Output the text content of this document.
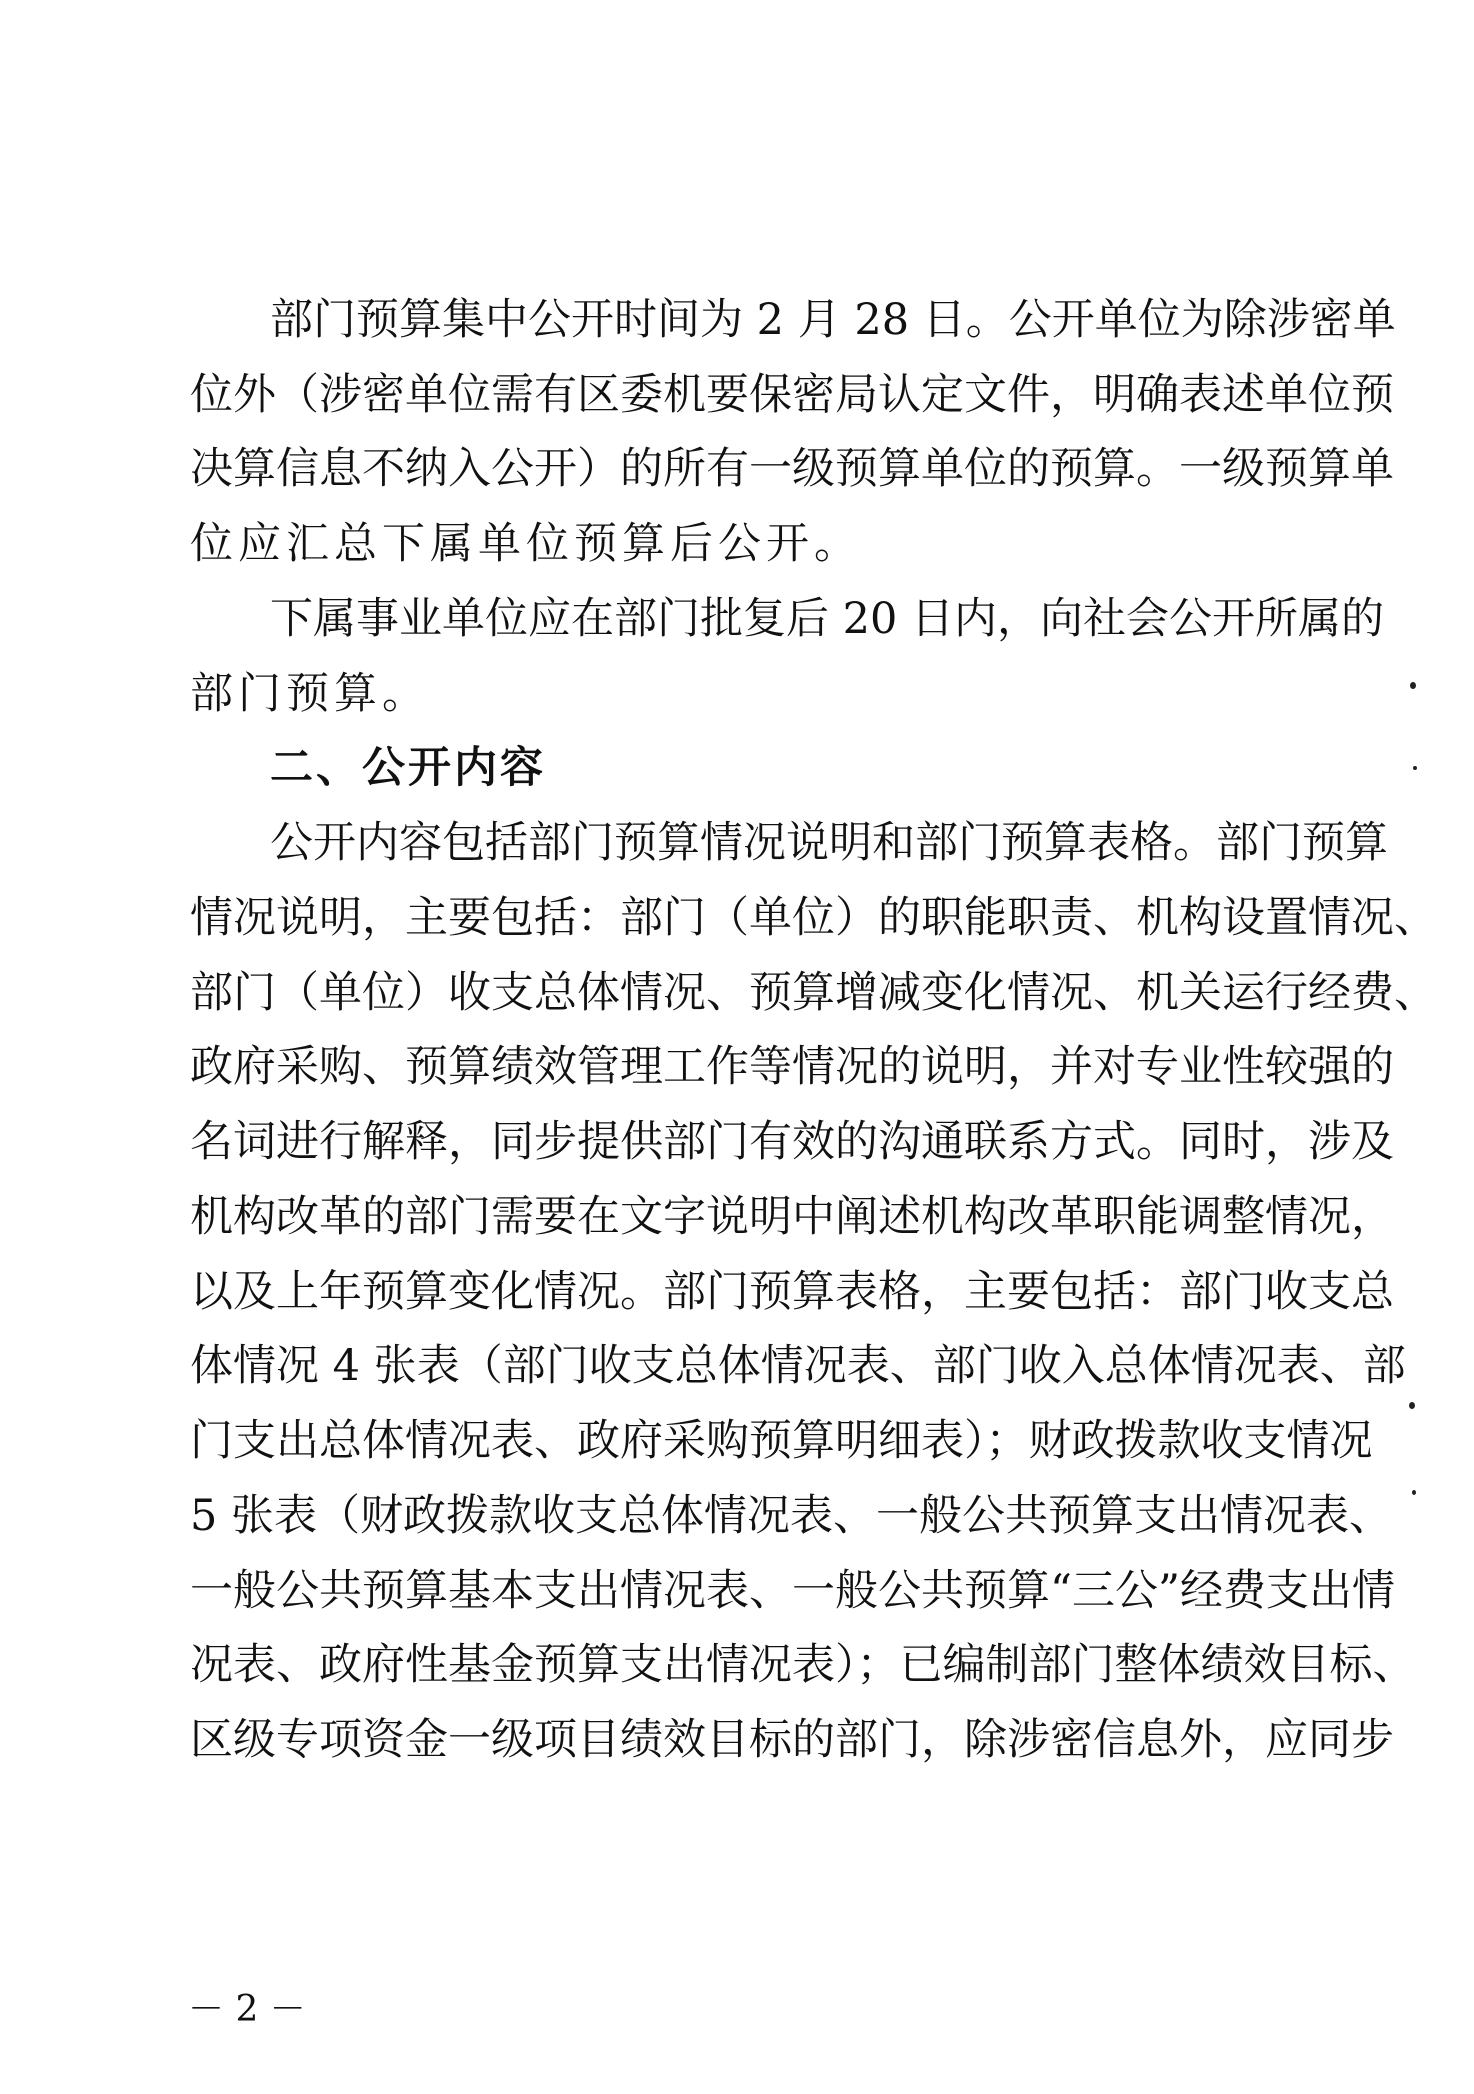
部门预算集中公开时间为 2 月 28 日。公开单位为除涉密单
位外（涉密单位需有区委机要保密局认定文件，明确表述单位预
决算信息不纳入公开）的所有一级预算单位的预算。一级预算单
位应汇总下属单位预算后公开。
下属事业单位应在部门批复后 20 日内，向社会公开所属的
部门预算。
二、公开内容
公开内容包括部门预算情况说明和部门预算表格。部门预算
情况说明，主要包括：部门（单位）的职能职责、机构设置情况、
部门（单位）收支总体情况、预算增减变化情况、机关运行经费、
政府采购、预算绩效管理工作等情况的说明，并对专业性较强的
名词进行解释，同步提供部门有效的沟通联系方式。同时，涉及
机构改革的部门需要在文字说明中阐述机构改革职能调整情况，
以及上年预算变化情况。部门预算表格，主要包括：部门收支总
体情况 4 张表（部门收支总体情况表、部门收入总体情况表、部
门支出总体情况表、政府采购预算明细表）；财政拨款收支情况
5 张表（财政拨款收支总体情况表、一般公共预算支出情况表、
一般公共预算基本支出情况表、一般公共预算“三公”经费支出情
况表、政府性基金预算支出情况表）；已编制部门整体绩效目标、
区级专项资金一级项目绩效目标的部门，除涉密信息外，应同步
－ 2 －
